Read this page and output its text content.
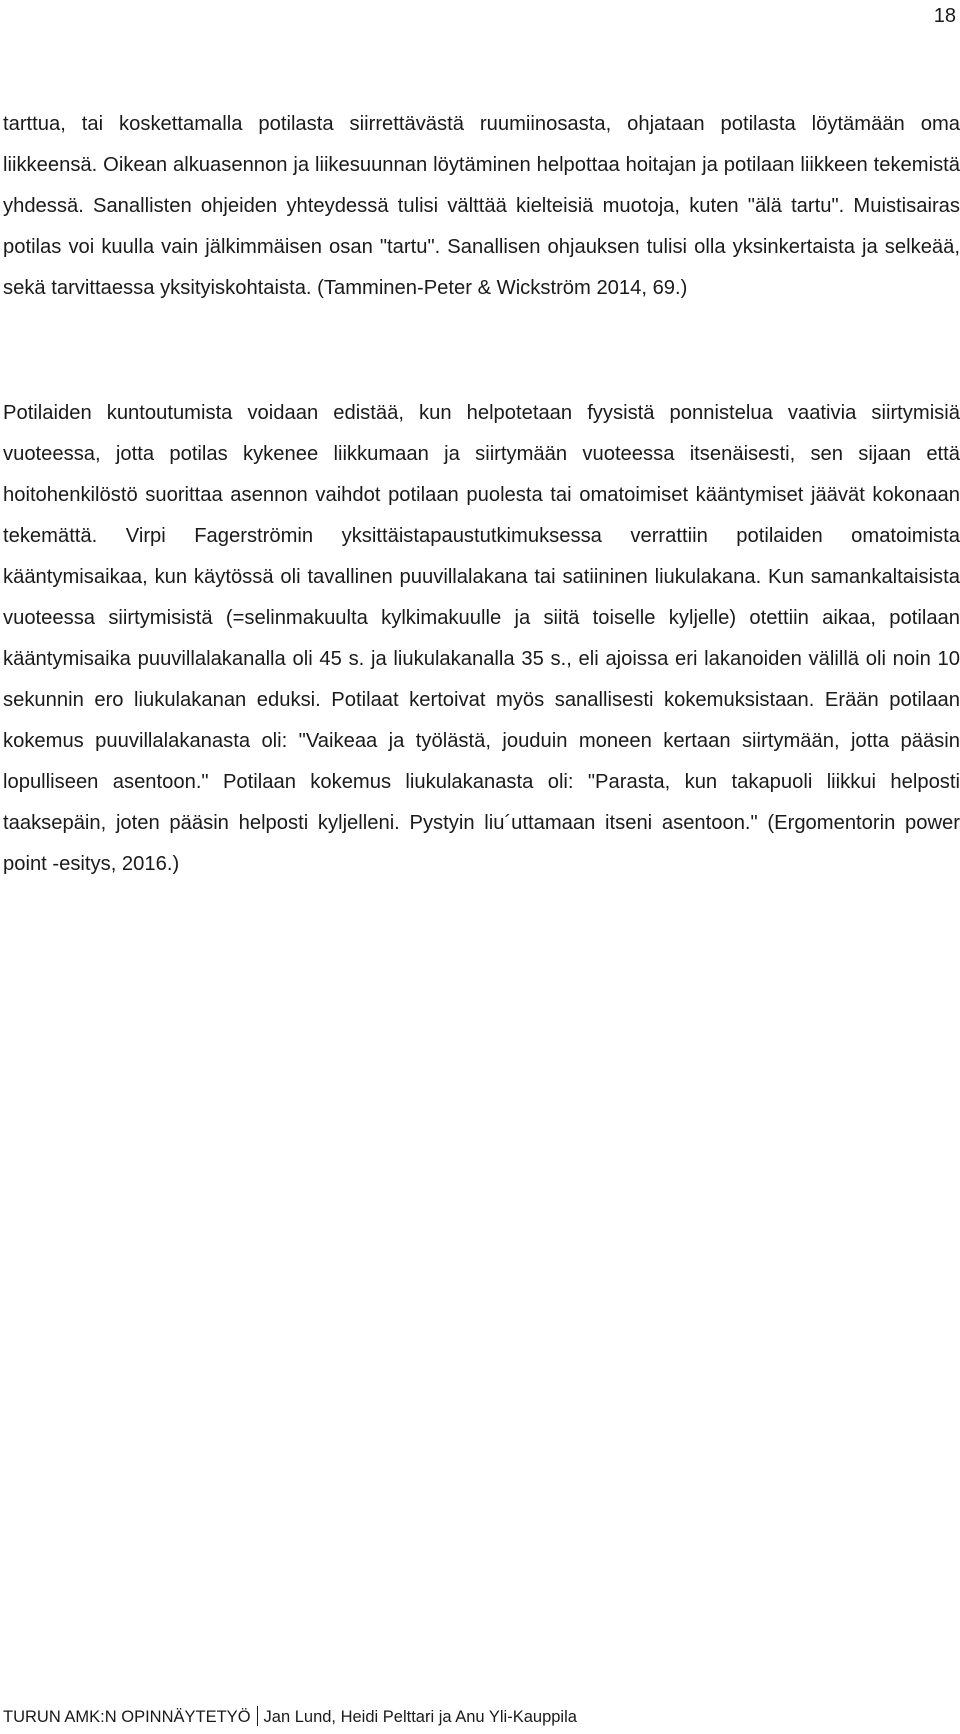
18

tarttua, tai koskettamalla potilasta siirrettävästä ruumiinosasta, ohjataan potilasta löytämään oma liikkeensä. Oikean alkuasennon ja liikesuunnan löytäminen helpottaa hoitajan ja potilaan liikkeen tekemistä yhdessä. Sanallisten ohjeiden yhteydessä tulisi välttää kielteisiä muotoja, kuten "älä tartu". Muistisairas potilas voi kuulla vain jälkimmäisen osan "tartu". Sanallisen ohjauksen tulisi olla yksinkertaista ja selkeää, sekä tarvittaessa yksityiskohtaista. (Tamminen-Peter & Wickström 2014, 69.)

Potilaiden kuntoutumista voidaan edistää, kun helpotetaan fyysistä ponnistelua vaativia siirtymisiä vuoteessa, jotta potilas kykenee liikkumaan ja siirtymään vuoteessa itsenäisesti, sen sijaan että hoitohenkilöstö suorittaa asennon vaihdot potilaan puolesta tai omatoimiset kääntymiset jäävät kokonaan tekemättä. Virpi Fagerströmin yksittäistapaustutkimuksessa verrattiin potilaiden omatoimista kääntymisaikaa, kun käytössä oli tavallinen puuvillalakana tai satiininen liukulakana. Kun samankaltaisista vuoteessa siirtymisistä (=selinmakuulta kylkimakuulle ja siitä toiselle kyljelle) otettiin aikaa, potilaan kääntymisaika puuvillalakanalla oli 45 s. ja liukulakanalla 35 s., eli ajoissa eri lakanoiden välillä oli noin 10 sekunnin ero liukulakanan eduksi. Potilaat kertoivat myös sanallisesti kokemuksistaan. Erään potilaan kokemus puuvillalakanasta oli: "Vaikeaa ja työlästä, jouduin moneen kertaan siirtymään, jotta pääsin lopulliseen asentoon." Potilaan kokemus liukulakanasta oli: "Parasta, kun takapuoli liikkui helposti taaksepäin, joten pääsin helposti kyljelleni. Pystyin liu´uttamaan itseni asentoon." (Ergomentorin power point -esitys, 2016.)

TURUN AMK:N OPINNÄYTETYÖ Jan Lund, Heidi Pelttari ja Anu Yli-Kauppila
